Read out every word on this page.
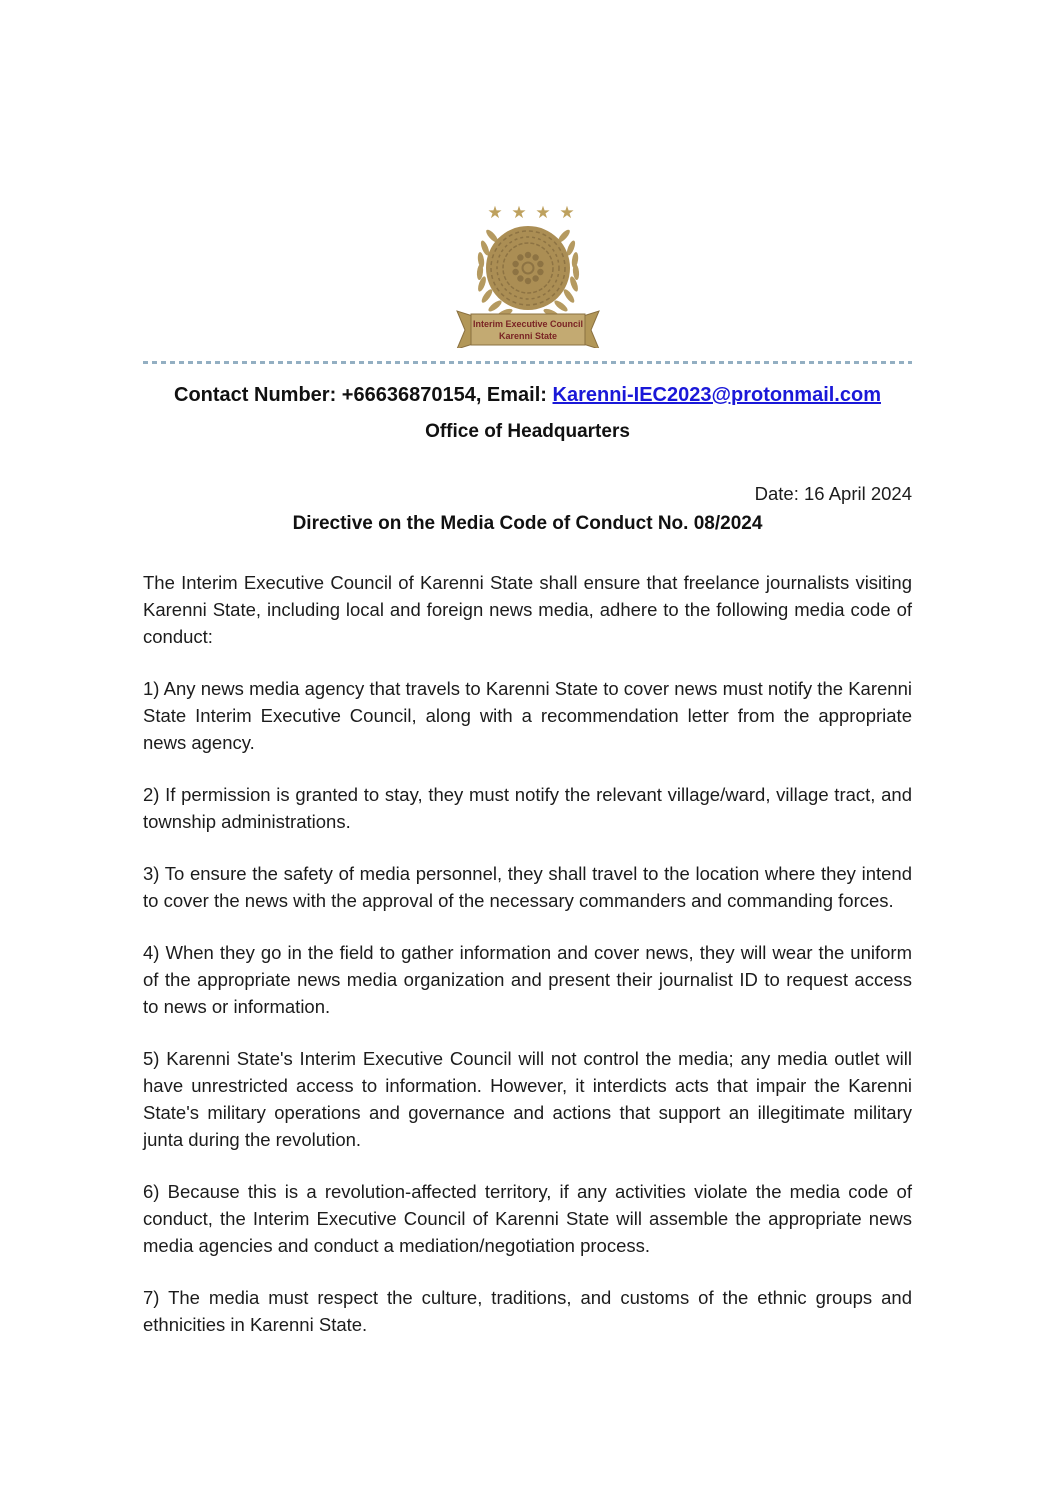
★ ★ ★ ★
Interim Executive Council
Karenni State

Contact Number: +66636870154, Email: Karenni-IEC2023@protonmail.com

Office of Headquarters

Date: 16 April 2024

Directive on the Media Code of Conduct No. 08/2024

The Interim Executive Council of Karenni State shall ensure that freelance journalists visiting Karenni State, including local and foreign news media, adhere to the following media code of conduct:

1) Any news media agency that travels to Karenni State to cover news must notify the Karenni State Interim Executive Council, along with a recommendation letter from the appropriate news agency.

2) If permission is granted to stay, they must notify the relevant village/ward, village tract, and township administrations.

3) To ensure the safety of media personnel, they shall travel to the location where they intend to cover the news with the approval of the necessary commanders and commanding forces.

4) When they go in the field to gather information and cover news, they will wear the uniform of the appropriate news media organization and present their journalist ID to request access to news or information.

5) Karenni State's Interim Executive Council will not control the media; any media outlet will have unrestricted access to information. However, it interdicts acts that impair the Karenni State's military operations and governance and actions that support an illegitimate military junta during the revolution.

6) Because this is a revolution-affected territory, if any activities violate the media code of conduct, the Interim Executive Council of Karenni State will assemble the appropriate news media agencies and conduct a mediation/negotiation process.

7) The media must respect the culture, traditions, and customs of the ethnic groups and ethnicities in Karenni State.
